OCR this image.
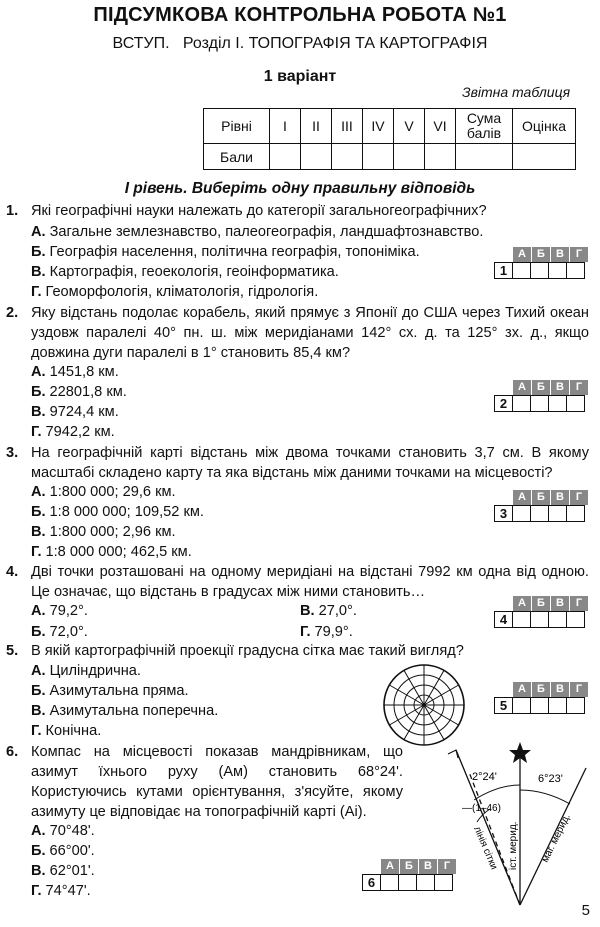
ПІДСУМКОВА КОНТРОЛЬНА РОБОТА №1
ВСТУП.   Розділ І. ТОПОГРАФІЯ ТА КАРТОГРАФІЯ
1 варіант
Звітна таблиця
Рівні	I	II	III	IV	V	VI	Сума балів	Оцінка
Бали								
І рівень. Виберіть одну правильну відповідь
1. Які географічні науки належать до категорії загальногеографічних?
А. Загальне землезнавство, палеогеографія, ландшафтознавство.
Б. Географія населення, політична географія, топоніміка.
В. Картографія, геоекологія, геоінформатика.
Г. Геоморфологія, кліматологія, гідрологія.
А	Б	В	Г
1
2. Яку відстань подолає корабель, який прямує з Японії до США через Тихий океан уздовж паралелі 40° пн. ш. між меридіанами 142° сх. д. та 125° зх. д., якщо довжина дуги паралелі в 1° становить 85,4 км?
А. 1451,8 км.
Б. 22801,8 км.
В. 9724,4 км.
Г. 7942,2 км.
А	Б	В	Г
2
3. На географічній карті відстань між двома точками становить 3,7 см. В якому масштабі складено карту та яка відстань між даними точками на місцевості?
А. 1:800 000; 29,6 км.
Б. 1:8 000 000; 109,52 км.
В. 1:800 000; 2,96 км.
Г. 1:8 000 000; 462,5 км.
А	Б	В	Г
3
4. Дві точки розташовані на одному меридіані на відстані 7992 км одна від одною. Це означає, що відстань в градусах між ними становить…
А. 79,2°.	В. 27,0°.
Б. 72,0°.	Г. 79,9°.
А	Б	В	Г
4
5. В якій картографічній проекції градусна сітка має такий вигляд?
А. Циліндрична.
Б. Азимутальна пряма.
В. Азимутальна поперечна.
Г. Конічна.
А	Б	В	Г
5
6. Компас на місцевості показав мандрівникам, що азимут їхнього руху (Ам) становить 68°24'. Користуючись кутами орієнтування, з'ясуйте, якому азимуту це відповідає на топографічній карті (Аі).
А. 70°48'.
Б. 66°00'.
В. 62°01'.
Г. 74°47'.
А	Б	В	Г
6
2°24'	6°23'
—(1–46)
лінія сітки іст. мерид. маг. мерид.
5
